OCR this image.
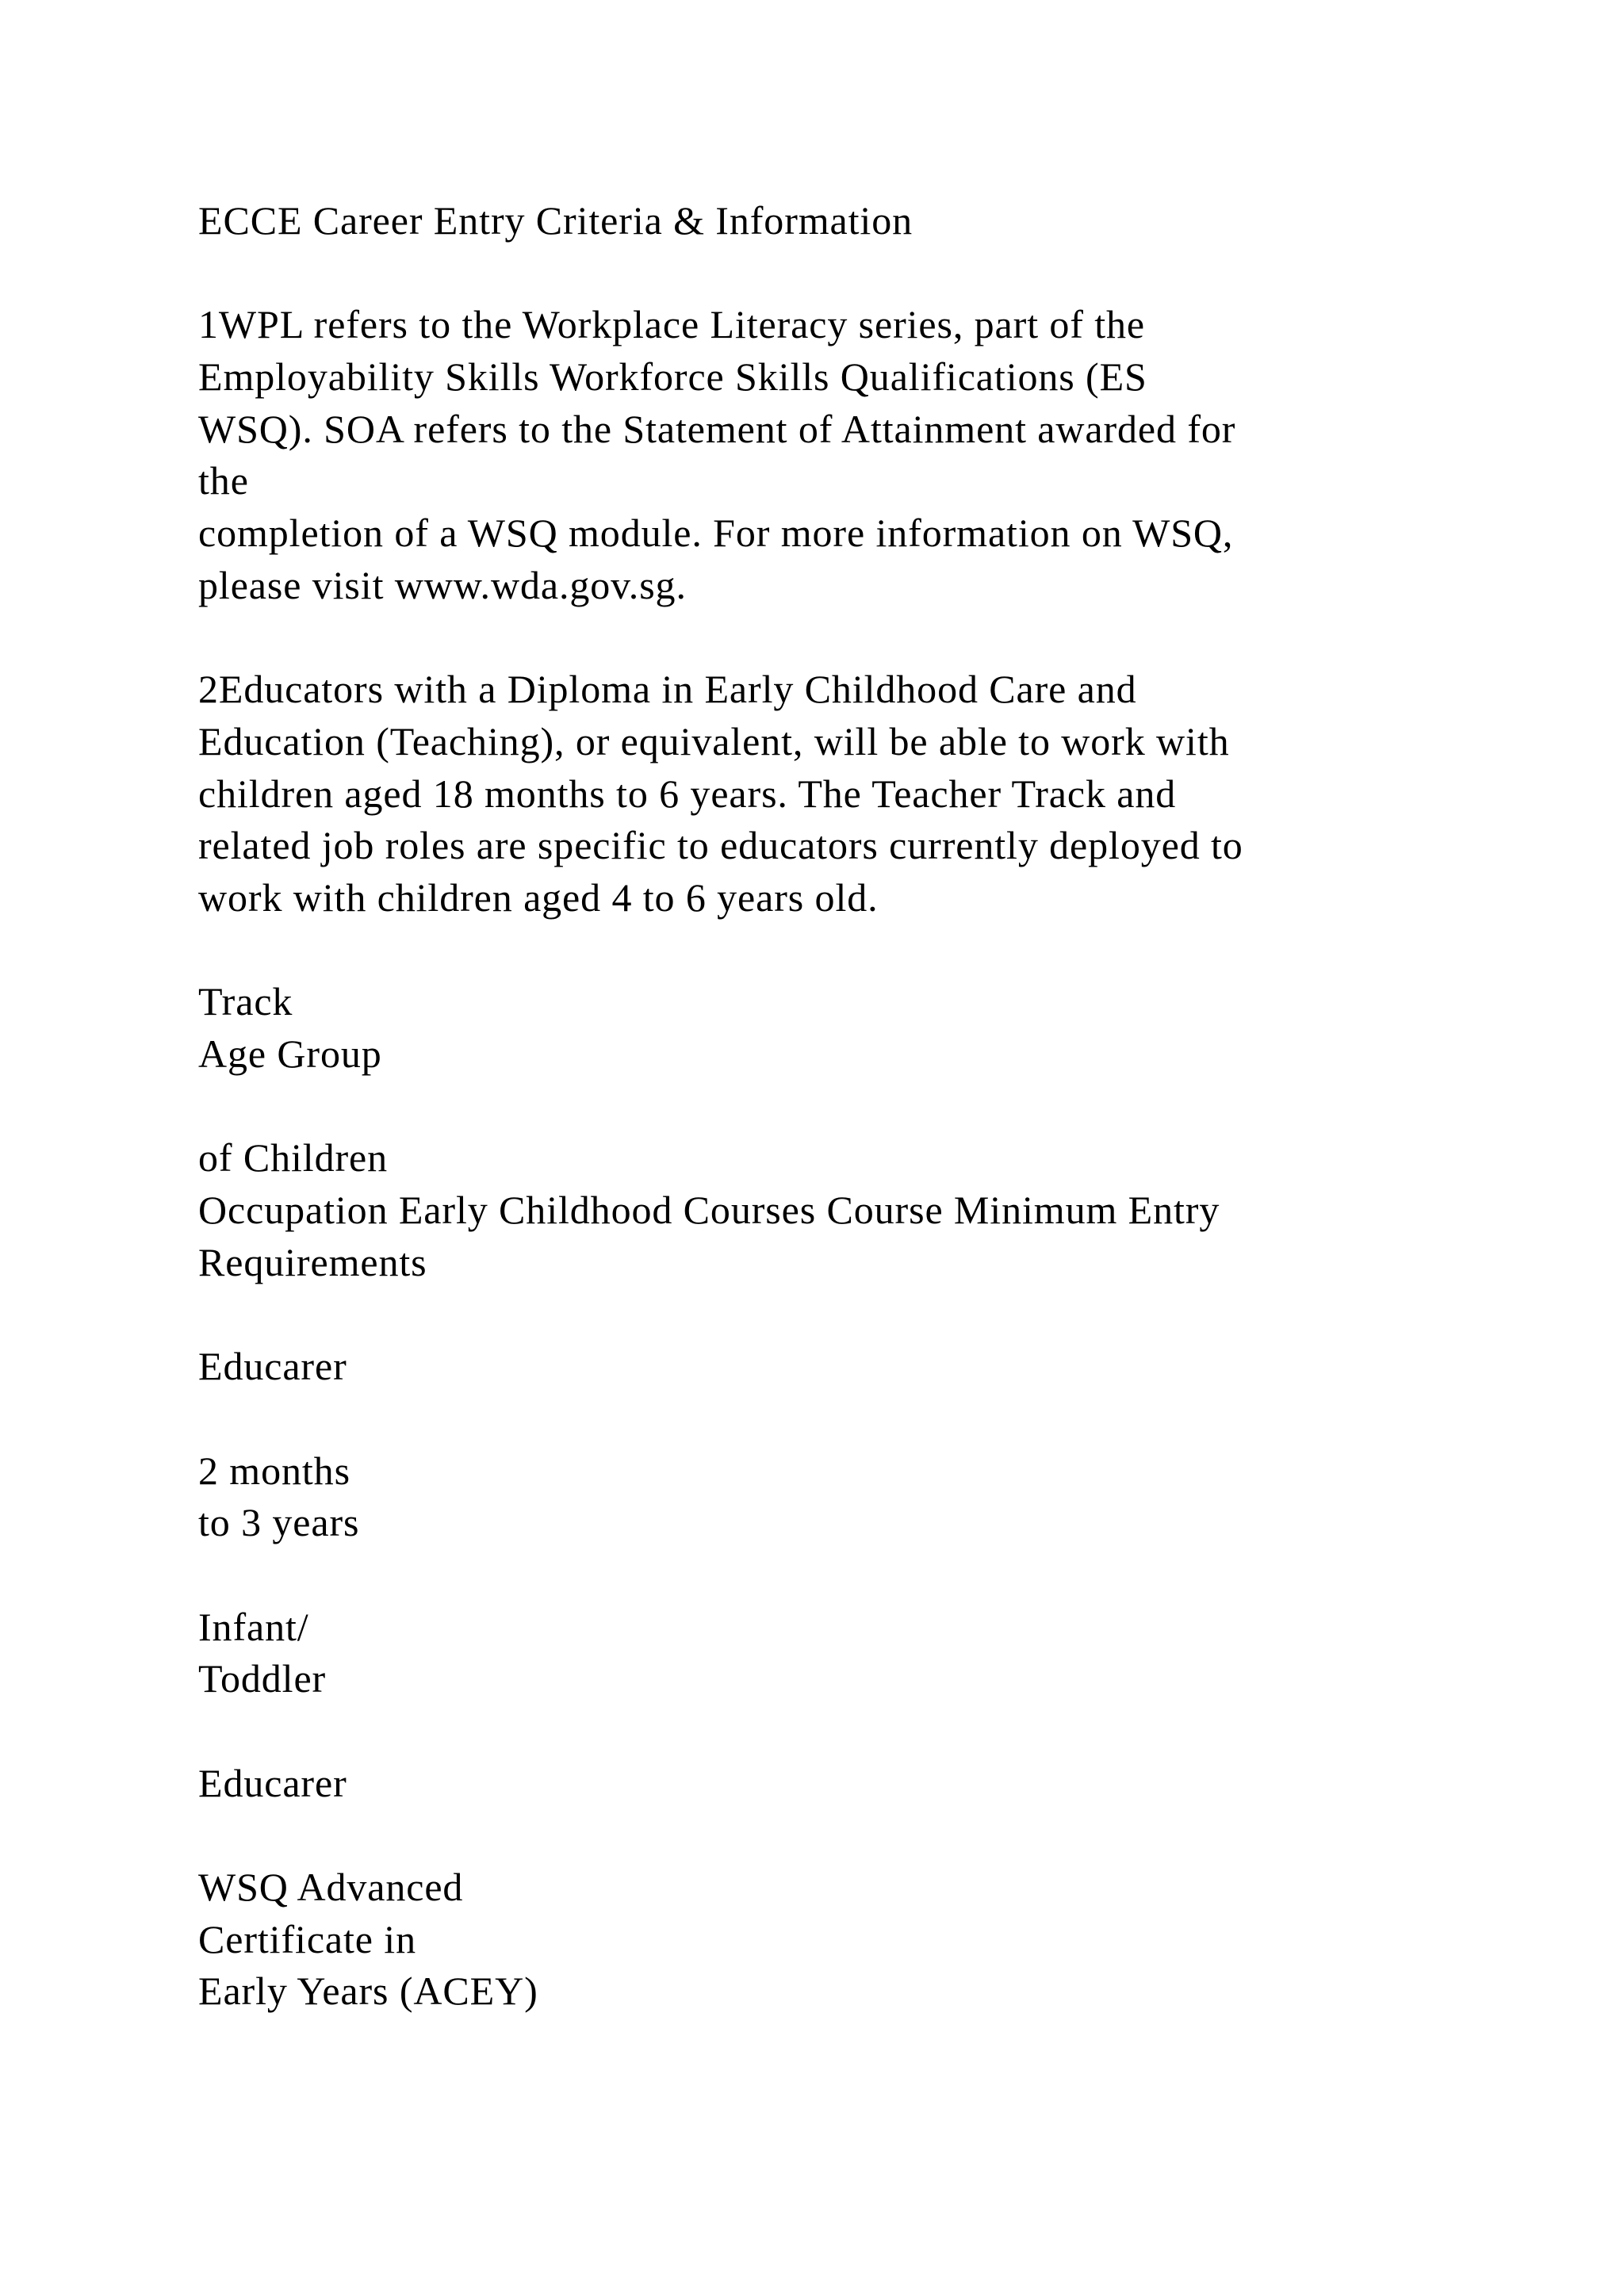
ECCE Career Entry Criteria & Information
1WPL refers to the Workplace Literacy series, part of the
Employability Skills Workforce Skills Qualifications (ES
WSQ). SOA refers to the Statement of Attainment awarded for
the
completion of a WSQ module. For more information on WSQ,
please visit www.wda.gov.sg.
2Educators with a Diploma in Early Childhood Care and
Education (Teaching), or equivalent, will be able to work with
children aged 18 months to 6 years. The Teacher Track and
related job roles are specific to educators currently deployed to
work with children aged 4 to 6 years old.
Track
Age Group
of Children
Occupation Early Childhood Courses Course Minimum Entry
Requirements
Educarer
2 months
to 3 years
Infant/
Toddler
Educarer
WSQ Advanced
Certificate in
Early Years (ACEY)
